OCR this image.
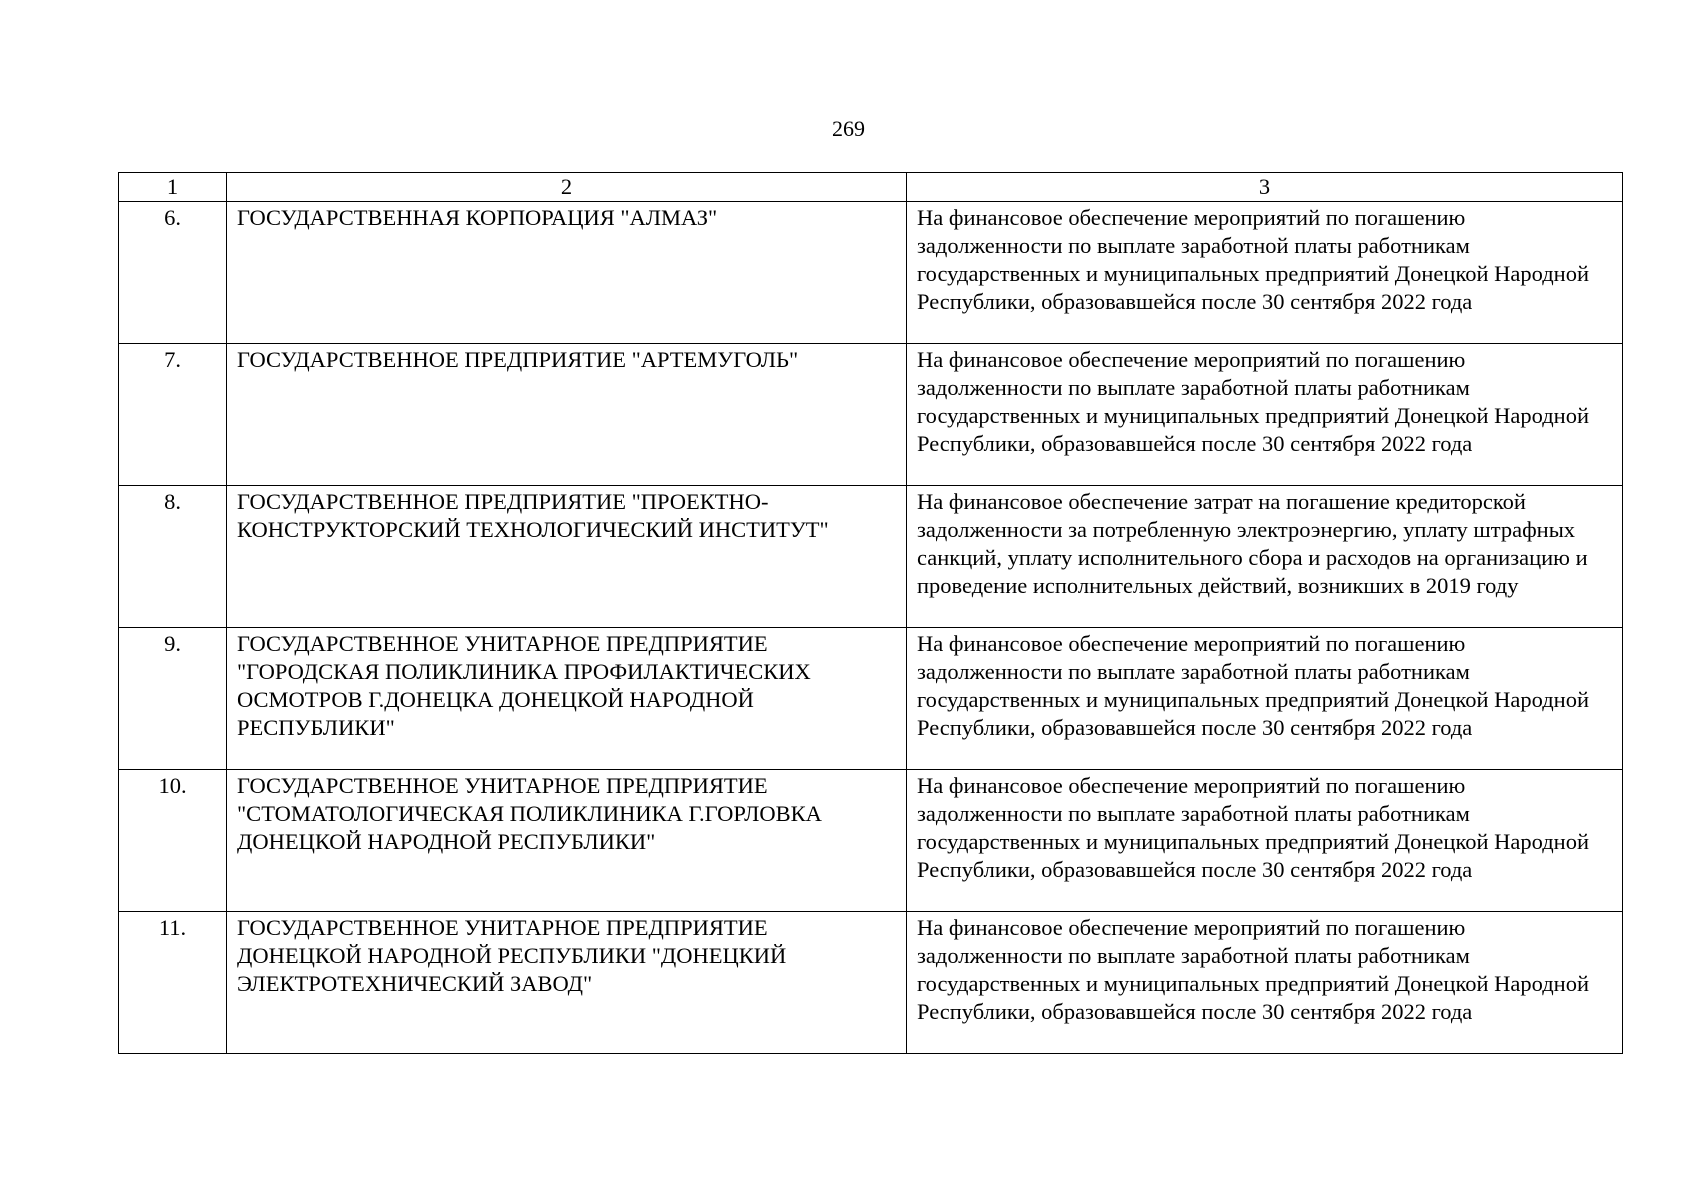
269
1	2	3
6.	ГОСУДАРСТВЕННАЯ КОРПОРАЦИЯ "АЛМАЗ"	На финансовое обеспечение мероприятий по погашению задолженности по выплате заработной платы работникам государственных и муниципальных предприятий Донецкой Народной Республики, образовавшейся после 30 сентября 2022 года
7.	ГОСУДАРСТВЕННОЕ ПРЕДПРИЯТИЕ "АРТЕМУГОЛЬ"	На финансовое обеспечение мероприятий по погашению задолженности по выплате заработной платы работникам государственных и муниципальных предприятий Донецкой Народной Республики, образовавшейся после 30 сентября 2022 года
8.	ГОСУДАРСТВЕННОЕ ПРЕДПРИЯТИЕ "ПРОЕКТНО-КОНСТРУКТОРСКИЙ ТЕХНОЛОГИЧЕСКИЙ ИНСТИТУТ"	На финансовое обеспечение затрат на погашение кредиторской задолженности за потребленную электроэнергию, уплату штрафных санкций, уплату исполнительного сбора и расходов на организацию и проведение исполнительных действий, возникших в 2019 году
9.	ГОСУДАРСТВЕННОЕ УНИТАРНОЕ ПРЕДПРИЯТИЕ "ГОРОДСКАЯ ПОЛИКЛИНИКА ПРОФИЛАКТИЧЕСКИХ ОСМОТРОВ Г.ДОНЕЦКА ДОНЕЦКОЙ НАРОДНОЙ РЕСПУБЛИКИ"	На финансовое обеспечение мероприятий по погашению задолженности по выплате заработной платы работникам государственных и муниципальных предприятий Донецкой Народной Республики, образовавшейся после 30 сентября 2022 года
10.	ГОСУДАРСТВЕННОЕ УНИТАРНОЕ ПРЕДПРИЯТИЕ "СТОМАТОЛОГИЧЕСКАЯ ПОЛИКЛИНИКА Г.ГОРЛОВКА ДОНЕЦКОЙ НАРОДНОЙ РЕСПУБЛИКИ"	На финансовое обеспечение мероприятий по погашению задолженности по выплате заработной платы работникам государственных и муниципальных предприятий Донецкой Народной Республики, образовавшейся после 30 сентября 2022 года
11.	ГОСУДАРСТВЕННОЕ УНИТАРНОЕ ПРЕДПРИЯТИЕ ДОНЕЦКОЙ НАРОДНОЙ РЕСПУБЛИКИ "ДОНЕЦКИЙ ЭЛЕКТРОТЕХНИЧЕСКИЙ ЗАВОД"	На финансовое обеспечение мероприятий по погашению задолженности по выплате заработной платы работникам государственных и муниципальных предприятий Донецкой Народной Республики, образовавшейся после 30 сентября 2022 года
